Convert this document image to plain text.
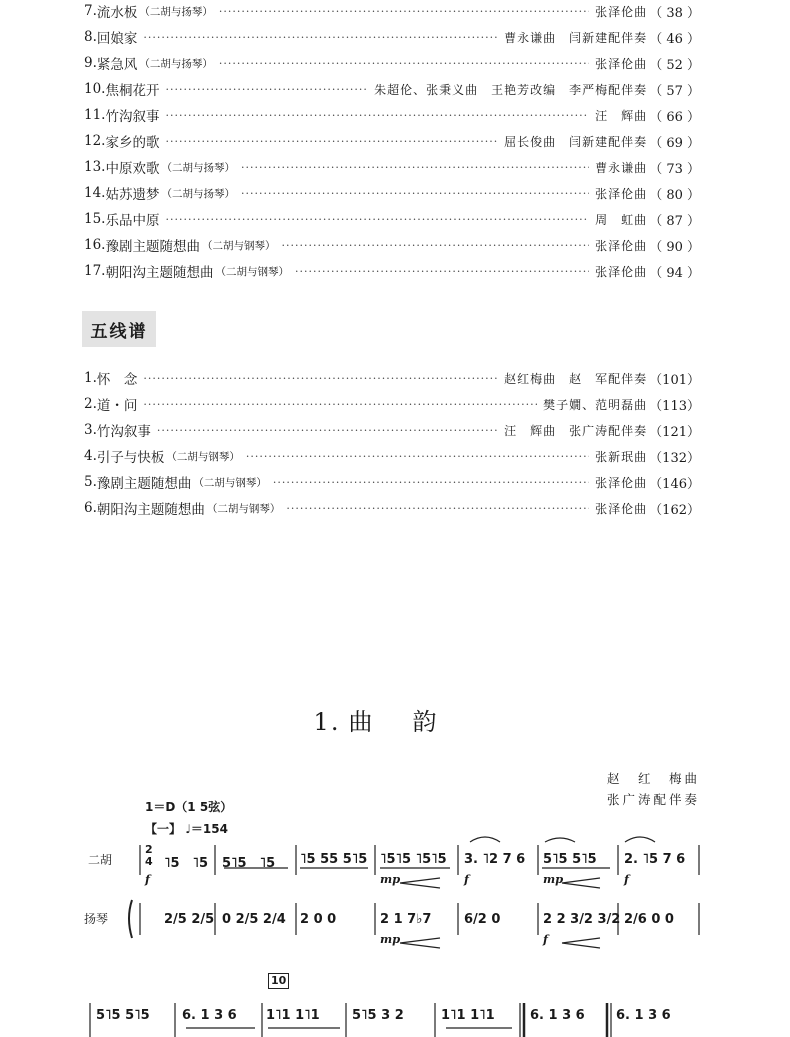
7. 流水板 （二胡与扬琴） ·····	张泽伦曲 （ 38 ）
8. 回娘家 ·····	曹永谦曲　闫新建配伴奏 （ 46 ）
9. 紧急风 （二胡与扬琴） ·····	张泽伦曲 （ 52 ）
10. 焦桐花开 ·····	朱超伦、张秉义曲　王艳芳改编　李严梅配伴奏 （ 57 ）
11. 竹沟叙事 ·····	汪　辉曲 （ 66 ）
12. 家乡的歌 ·····	屈长俊曲　闫新建配伴奏 （ 69 ）
13. 中原欢歌 （二胡与扬琴） ·····	曹永谦曲 （ 73 ）
14. 姑苏遗梦 （二胡与扬琴） ·····	张泽伦曲 （ 80 ）
15. 乐品中原 ·····	周　虹曲 （ 87 ）
16. 豫剧主题随想曲 （二胡与钢琴） ·····	张泽伦曲 （ 90 ）
17. 朝阳沟主题随想曲 （二胡与钢琴） ·····	张泽伦曲 （ 94 ）
五线谱
1. 怀　念 ·····	赵红梅曲　赵　军配伴奏 （101）
2. 道・问 ·····	樊子嫺、范明磊曲 （113）
3. 竹沟叙事 ·····	汪　辉曲　张广涛配伴奏 （121）
4. 引子与快板 （二胡与钢琴） ·····	张新珉曲 （132）
5. 豫剧主题随想曲 （二胡与钢琴） ·····	张泽伦曲 （146）
6. 朝阳沟主题随想曲 （二胡与钢琴） ·····	张泽伦曲 （162）
1. 曲韵
赵　红　梅曲
张广涛配伴奏
1＝D（1 5弦）
【一】 ♩＝154
二胡
扬琴
2
4 ˥5　˥5 5˥5　˥5 ˥5 55 5˥5 ˥5˥5 ˥5˥5 3. ˥2 7 6 5˥5 5˥5 2. ˥5 7 6
2/5 2/5 0 2/5 2/4 2 0 0	2 1 7♭7	6/2 0	2 2 3/2 3/2 2/6 0 0
5˥5 5˥5 6. 1 3 6 1˥1 1˥1 5˥5 3 2	1˥1 1˥1	6. 1 3 6 6. 1 3 6
f	mp	f	mp	f
mp	f
10
